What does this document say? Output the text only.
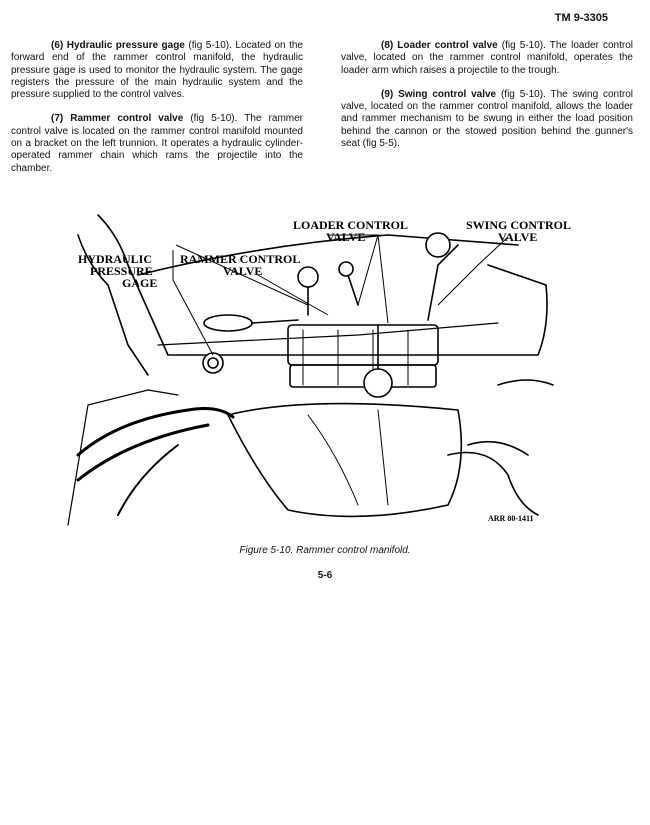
TM 9-3305

(6) Hydraulic pressure gage (fig 5-10). Located on the forward end of the rammer control manifold, the hydraulic pressure gage is used to monitor the hydraulic system. The gage registers the pressure of the main hydraulic system and the pressure supplied to the control valves.

(7) Rammer control valve (fig 5-10). The rammer control valve is located on the rammer control manifold mounted on a bracket on the left trunnion. It operates a hydraulic cylinder-operated rammer chain which rams the projectile into the chamber.

(8) Loader control valve (fig 5-10). The loader control valve, located on the rammer control manifold, operates the loader arm which raises a projectile to the trough.

(9) Swing control valve (fig 5-10). The swing control valve, located on the rammer control manifold, allows the loader and rammer mechanism to be swung in either the load position behind the cannon or the stowed position behind the gunner's seat (fig 5-5).

LOADER CONTROL
VALVE
SWING CONTROL
VALVE
HYDRAULIC
PRESSURE
GAGE
RAMMER CONTROL
VALVE
ARR 80-1411
Figure 5-10. Rammer control manifold.
5-6
